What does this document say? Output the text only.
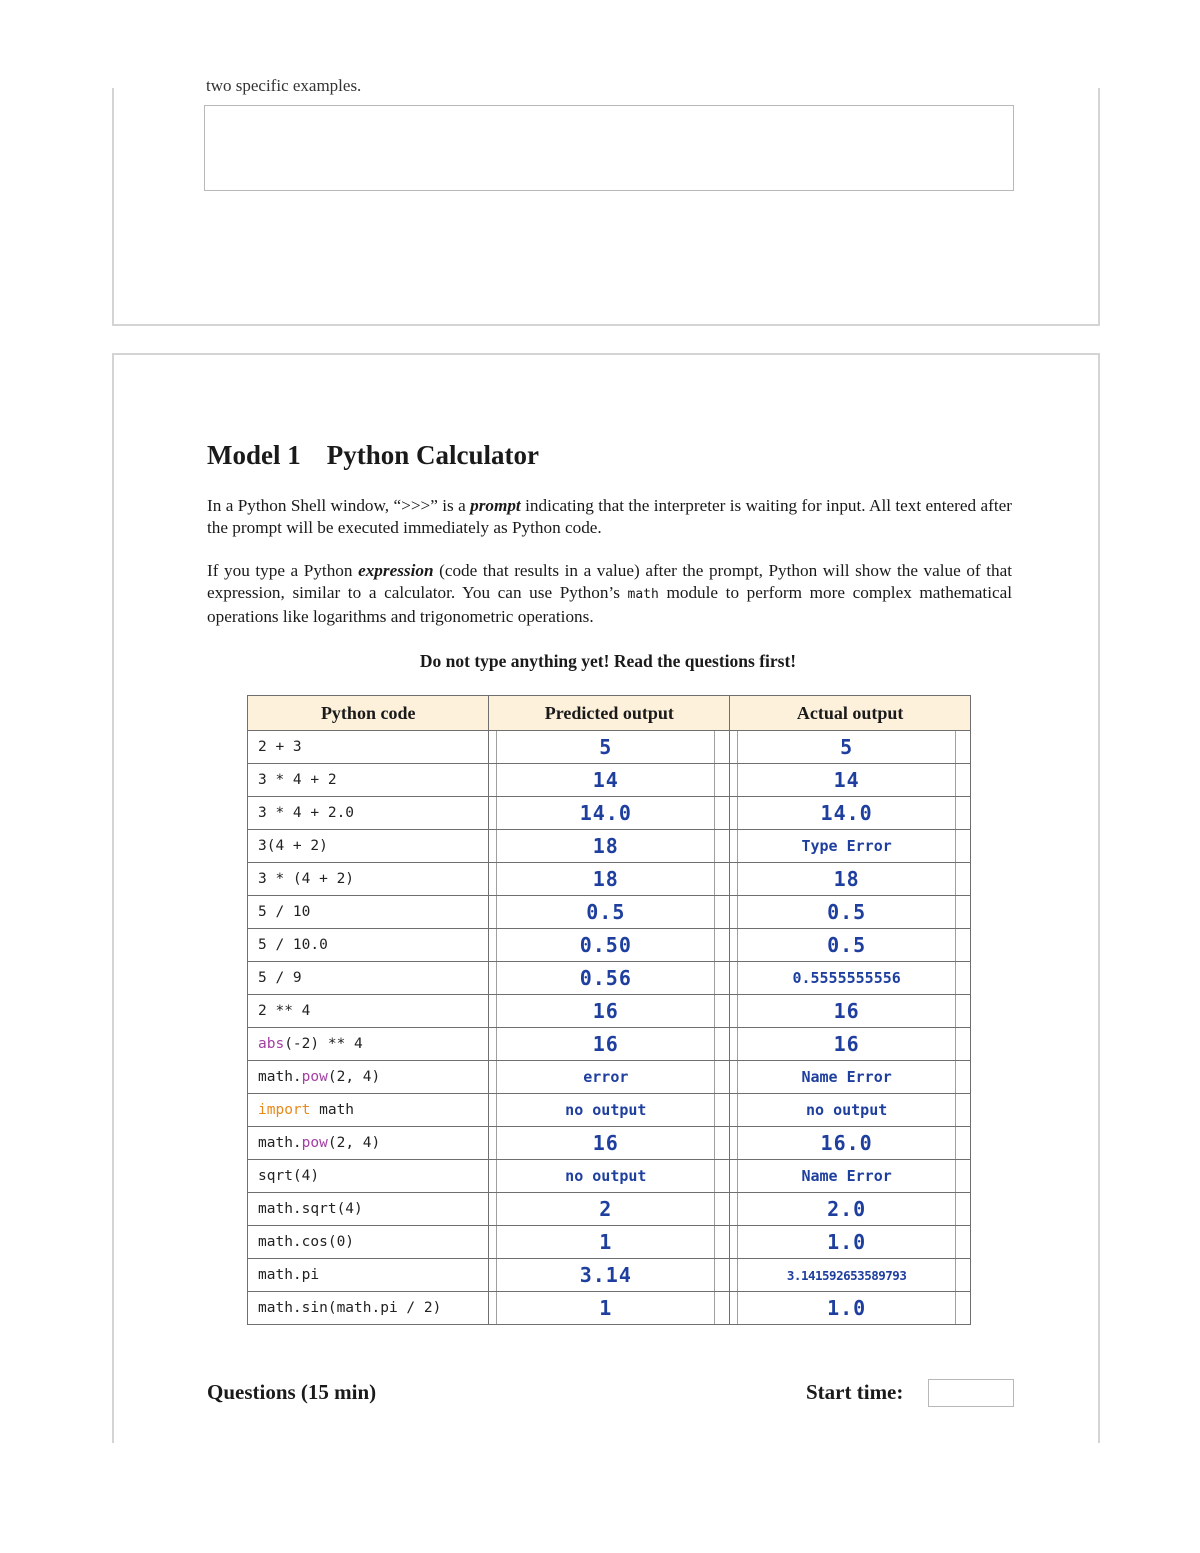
two specific examples.
Model 1 Python Calculator

In a Python Shell window, “>>>” is a prompt indicating that the interpreter is waiting for input. All text entered after the prompt will be executed immediately as Python code.

If you type a Python expression (code that results in a value) after the prompt, Python will show the value of that expression, similar to a calculator. You can use Python’s math module to perform more complex mathematical operations like logarithms and trigonometric operations.

Do not type anything yet! Read the questions first!
Python code	Predicted output	Actual output
2 + 3	5	5

3 * 4 + 2	14	14

3 * 4 + 2.0	14.0	14.0

3(4 + 2)	18	Type Error

3 * (4 + 2)	18	18

5 / 10	0.5	0.5

5 / 10.0	0.50	0.5

5 / 9	0.56	0.5555555556

2 ** 4	16	16

abs(-2) ** 4	16	16

math.pow(2, 4)	error	Name Error

import math	no output	no output

math.pow(2, 4)	16	16.0

sqrt(4)	no output	Name Error

math.sqrt(4)	2	2.0

math.cos(0)	1	1.0

math.pi	3.14	3.141592653589793

math.sin(math.pi / 2)	1	1.0
Questions (15 min)	Start time:
